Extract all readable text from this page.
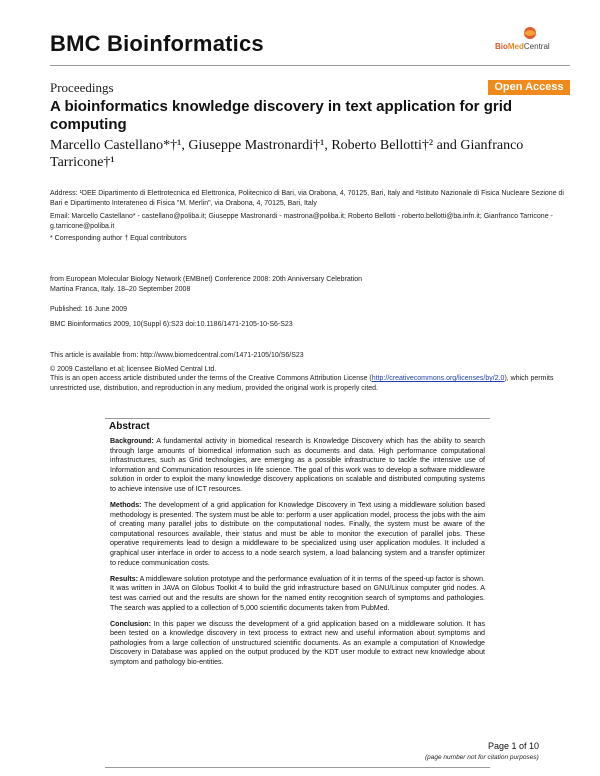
BMC Bioinformatics	BioMedCentral
Proceedings	Open Access
A bioinformatics knowledge discovery in text application for grid computing
Marcello Castellano*†¹, Giuseppe Mastronardi†¹, Roberto Bellotti†² and Gianfranco Tarricone†¹
Address: ¹DEE Dipartimento di Elettrotecnica ed Elettronica, Politecnico di Bari, via Orabona, 4, 70125, Bari, Italy and ²Istituto Nazionale di Fisica Nucleare Sezione di Bari e Dipartimento Interateneo di Fisica "M. Merlin", via Orabona, 4, 70125, Bari, Italy
Email: Marcello Castellano* - castellano@poliba.it; Giuseppe Mastronardi - mastrona@poliba.it; Roberto Bellotti - roberto.bellotti@ba.infn.it; Gianfranco Tarricone - g.tarricone@poliba.it
* Corresponding author † Equal contributors
from European Molecular Biology Network (EMBnet) Conference 2008: 20th Anniversary Celebration
Martina Franca, Italy. 18–20 September 2008
Published: 16 June 2009
BMC Bioinformatics 2009, 10(Suppl 6):S23 doi:10.1186/1471-2105-10-S6-S23
This article is available from: http://www.biomedcentral.com/1471-2105/10/S6/S23
© 2009 Castellano et al; licensee BioMed Central Ltd.
This is an open access article distributed under the terms of the Creative Commons Attribution License (http://creativecommons.org/licenses/by/2.0), which permits unrestricted use, distribution, and reproduction in any medium, provided the original work is properly cited.
Abstract

Background: A fundamental activity in biomedical research is Knowledge Discovery which has the ability to search through large amounts of biomedical information such as documents and data. High performance computational infrastructures, such as Grid technologies, are emerging as a possible infrastructure to tackle the intensive use of Information and Communication resources in life science. The goal of this work was to develop a software middleware solution in order to exploit the many knowledge discovery applications on scalable and distributed computing systems to achieve intensive use of ICT resources.

Methods: The development of a grid application for Knowledge Discovery in Text using a middleware solution based methodology is presented. The system must be able to: perform a user application model, process the jobs with the aim of creating many parallel jobs to distribute on the computational nodes. Finally, the system must be aware of the computational resources available, their status and must be able to monitor the execution of parallel jobs. These operative requirements lead to design a middleware to be specialized using user application modules. It included a graphical user interface in order to access to a node search system, a load balancing system and a transfer optimizer to reduce communication costs.

Results: A middleware solution prototype and the performance evaluation of it in terms of the speed-up factor is shown. It was written in JAVA on Globus Toolkit 4 to build the grid infrastructure based on GNU/Linux computer grid nodes. A test was carried out and the results are shown for the named entity recognition search of symptoms and pathologies. The search was applied to a collection of 5,000 scientific documents taken from PubMed.

Conclusion: In this paper we discuss the development of a grid application based on a middleware solution. It has been tested on a knowledge discovery in text process to extract new and useful information about symptoms and pathologies from a large collection of unstructured scientific documents. As an example a computation of Knowledge Discovery in Database was applied on the output produced by the KDT user module to extract new knowledge about symptom and pathology bio-entities.

Page 1 of 10
(page number not for citation purposes)
